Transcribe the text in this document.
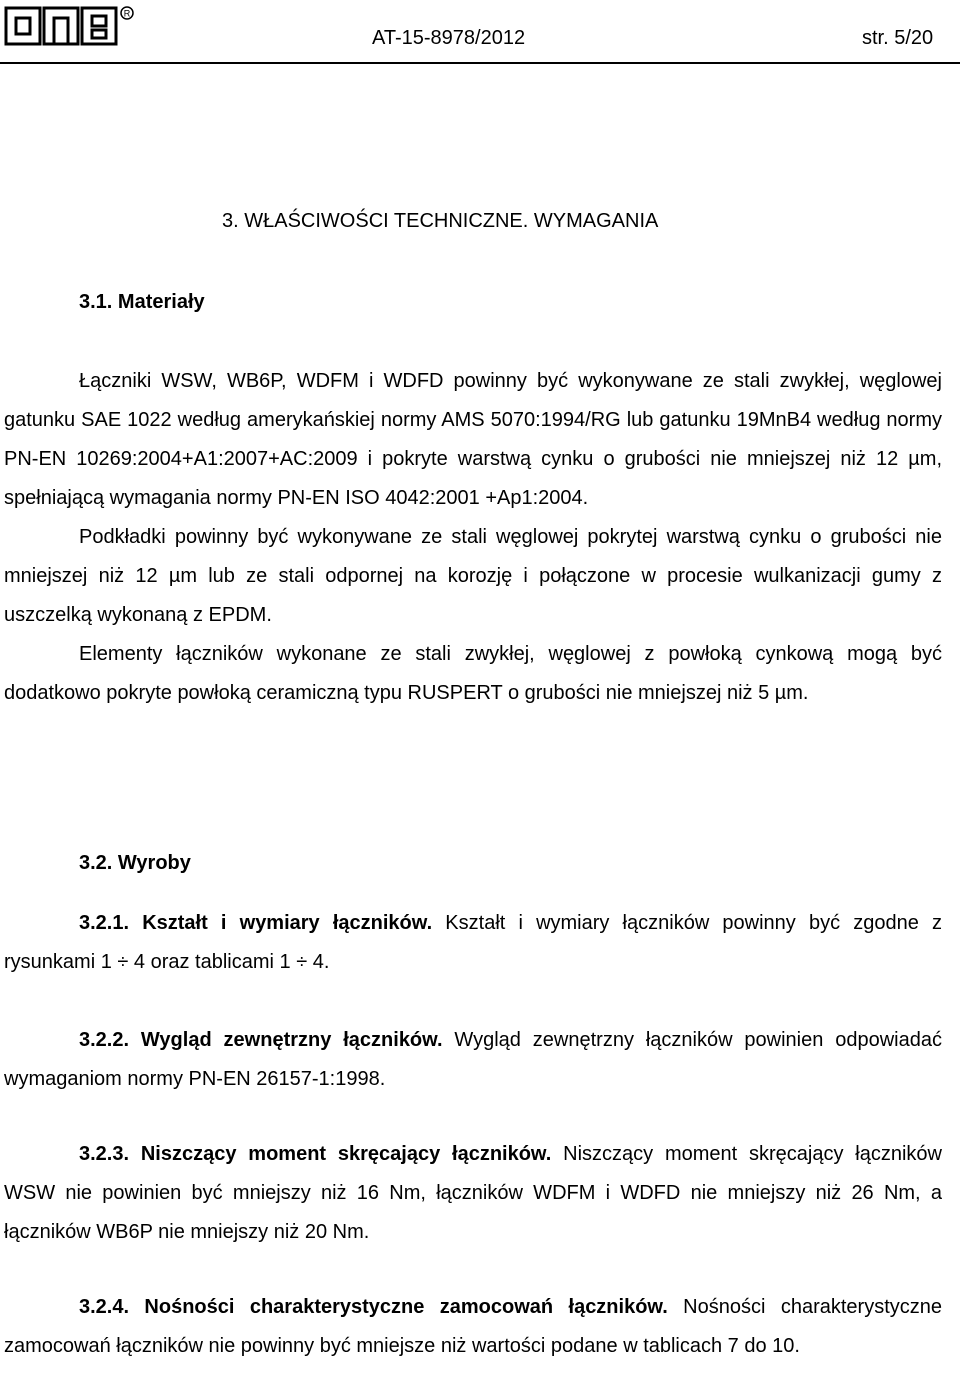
R
AT-15-8978/2012	str. 5/20
3. WŁAŚCIWOŚCI TECHNICZNE. WYMAGANIA
3.1. Materiały

Łączniki WSW, WB6P, WDFM i WDFD powinny być wykonywane ze stali zwykłej, węglowej gatunku SAE 1022 według amerykańskiej normy AMS 5070:1994/RG lub gatunku 19MnB4 według normy PN-EN 10269:2004+A1:2007+AC:2009 i pokryte warstwą cynku o grubości nie mniejszej niż 12 µm, spełniającą wymagania normy PN-EN ISO 4042:2001 +Ap1:2004.

Podkładki powinny być wykonywane ze stali węglowej pokrytej warstwą cynku o grubości nie mniejszej niż 12 µm lub ze stali odpornej na korozję i połączone w procesie wulkanizacji gumy z uszczelką wykonaną z EPDM.

Elementy łączników wykonane ze stali zwykłej, węglowej z powłoką cynkową mogą być dodatkowo pokryte powłoką ceramiczną typu RUSPERT o grubości nie mniejszej niż 5 µm.

3.2. Wyroby

3.2.1. Kształt i wymiary łączników. Kształt i wymiary łączników powinny być zgodne z rysunkami 1 ÷ 4 oraz tablicami 1 ÷ 4.

3.2.2. Wygląd zewnętrzny łączników. Wygląd zewnętrzny łączników powinien odpowiadać wymaganiom normy PN-EN 26157-1:1998.

3.2.3. Niszczący moment skręcający łączników. Niszczący moment skręcający łączników WSW nie powinien być mniejszy niż 16 Nm, łączników WDFM i WDFD nie mniejszy niż 26 Nm, a łączników WB6P nie mniejszy niż 20 Nm.

3.2.4. Nośności charakterystyczne zamocowań łączników. Nośności charakterystyczne zamocowań łączników nie powinny być mniejsze niż wartości podane w tablicach 7 do 10.
